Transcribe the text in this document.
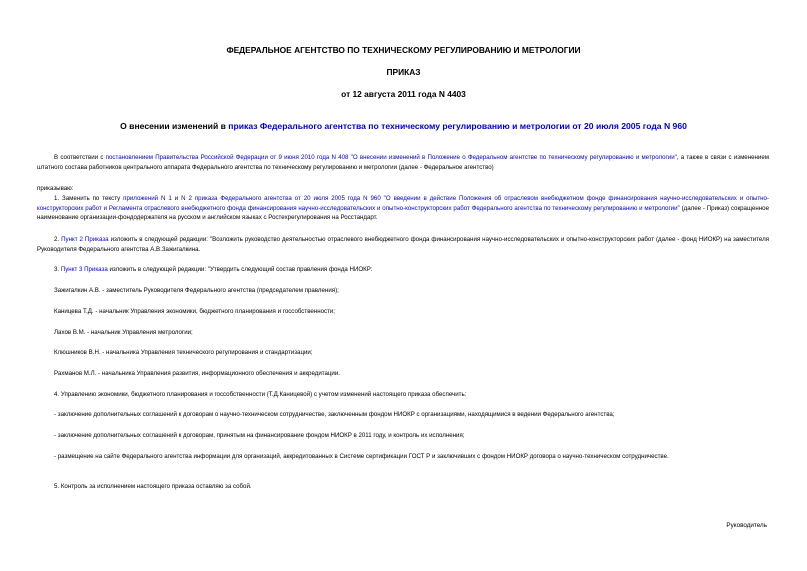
ФЕДЕРАЛЬНОЕ АГЕНТСТВО ПО ТЕХНИЧЕСКОМУ РЕГУЛИРОВАНИЮ И МЕТРОЛОГИИ
ПРИКАЗ
от 12 августа 2011 года N 4403
О внесении изменений в приказ Федерального агентства по техническому регулированию и метрологии от 20 июля 2005 года N 960

В соответствии с постановлением Правительства Российской Федерации от 9 июня 2010 года N 408 "О внесении изменений в Положение о Федеральном агентстве по техническому регулированию и метрологии", а также в связи с изменением штатного состава работников центрального аппарата Федерального агентства по техническому регулированию и метрологии (далее - Федеральное агентство)

приказываю:

1. Заменить по тексту приложений N 1 и N 2 приказа Федерального агентства от 20 июля 2005 года N 960 "О введении в действие Положения об отраслевом внебюджетном фонде финансирования научно-исследовательских и опытно-конструкторских работ и Регламента отраслевого внебюджетного фонда финансирования научно-исследовательских и опытно-конструкторских работ Федерального агентства по техническому регулированию и метрологии" (далее - Приказ) сокращенное наименование организации-фондодержателя на русском и английском языках с Ростехрегулирования на Росстандарт.

2. Пункт 2 Приказа изложить в следующей редакции: "Возложить руководство деятельностью отраслевого внебюджетного фонда финансирования научно-исследовательских и опытно-конструкторских работ (далее - фонд НИОКР) на заместителя Руководителя Федерального агентства А.В.Зажигалкина.

3. Пункт 3 Приказа изложить в следующей редакции: "Утвердить следующий состав правления фонда НИОКР:

Зажигалкин А.В. - заместитель Руководителя Федерального агентства (председателем правления);

Каницева Т.Д. - начальник Управления экономики, бюджетного планирования и госсобственности;

Лахов В.М. - начальник Управления метрологии;

Клюшников В.Н. - начальника Управления технического регулирования и стандартизации;

Рахманов М.Л. - начальника Управления развития, информационного обеспечения и аккредитации.

4. Управлению экономики, бюджетного планирования и госсобственности (Т.Д.Каницевой) с учетом изменений настоящего приказа обеспечить:

- заключение дополнительных соглашений к договорам о научно-техническом сотрудничестве, заключенным фондом НИОКР с организациями, находящимися в ведении Федерального агентства;

- заключение дополнительных соглашений к договорам, принятым на финансирование фондом НИОКР в 2011 году, и контроль их исполнения;

- размещение на сайте Федерального агентства информации для организаций, аккредитованных в Системе сертификации ГОСТ Р и заключивших с фондом НИОКР договора о научно-техническом сотрудничестве.

5. Контроль за исполнением настоящего приказа оставляю за собой.

Руководитель
